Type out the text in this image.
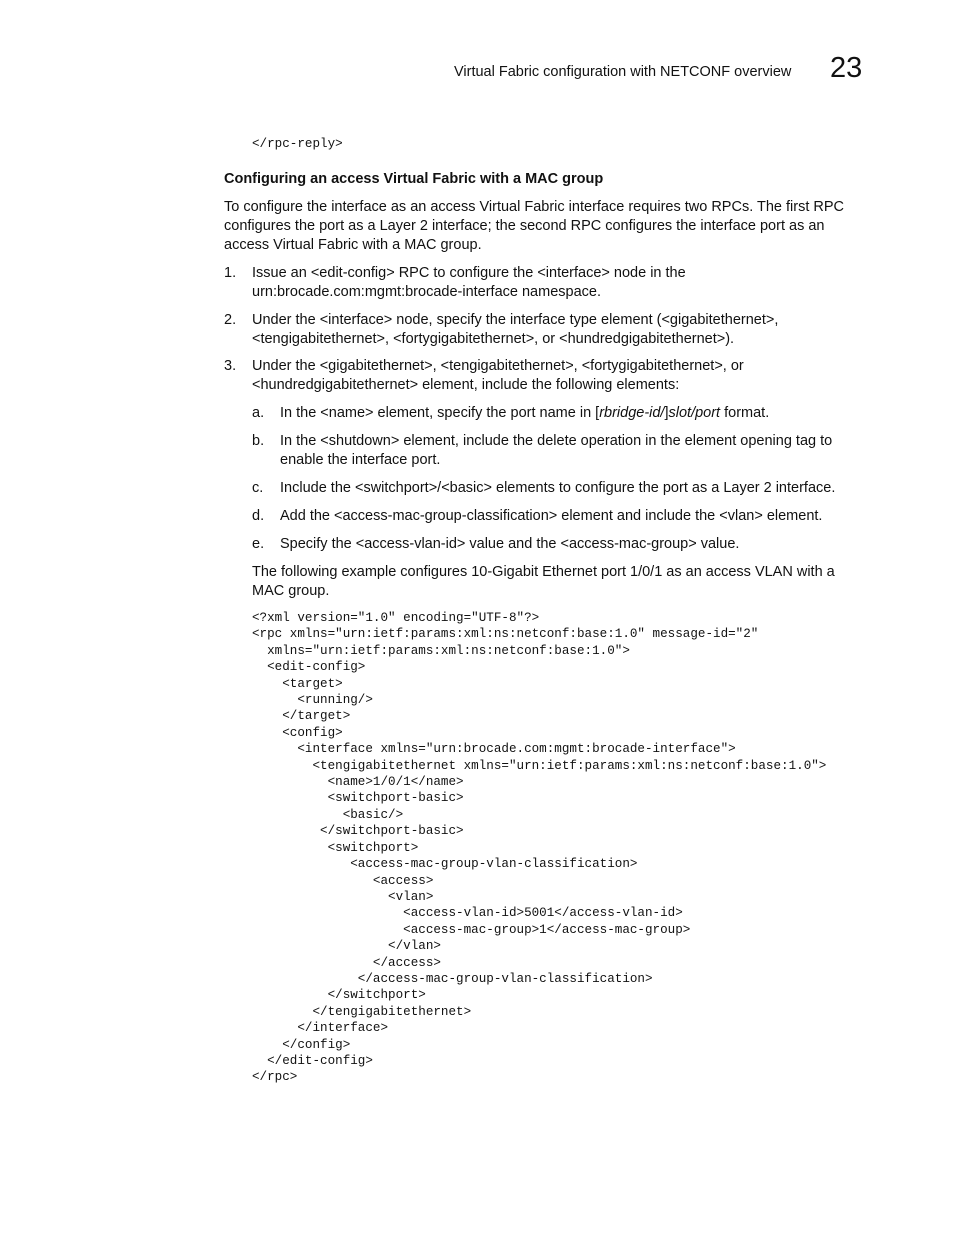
Virtual Fabric configuration with NETCONF overview 23
</rpc-reply>
Configuring an access Virtual Fabric with a MAC group
To configure the interface as an access Virtual Fabric interface requires two RPCs. The first RPC configures the port as a Layer 2 interface; the second RPC configures the interface port as an access Virtual Fabric with a MAC group.
1. Issue an <edit-config> RPC to configure the <interface> node in the urn:brocade.com:mgmt:brocade-interface namespace.
2. Under the <interface> node, specify the interface type element (<gigabitethernet>, <tengigabitethernet>, <fortygigabitethernet>, or <hundredgigabitethernet>).
3. Under the <gigabitethernet>, <tengigabitethernet>, <fortygigabitethernet>, or <hundredgigabitethernet> element, include the following elements:
a. In the <name> element, specify the port name in [rbridge-id/]slot/port format.
b. In the <shutdown> element, include the delete operation in the element opening tag to enable the interface port.
c. Include the <switchport>/<basic> elements to configure the port as a Layer 2 interface.
d. Add the <access-mac-group-classification> element and include the <vlan> element.
e. Specify the <access-vlan-id> value and the <access-mac-group> value.
The following example configures 10-Gigabit Ethernet port 1/0/1 as an access VLAN with a MAC group.
<?xml version="1.0" encoding="UTF-8"?>
<rpc xmlns="urn:ietf:params:xml:ns:netconf:base:1.0" message-id="2"
xmlns="urn:ietf:params:xml:ns:netconf:base:1.0">
<edit-config>
<target>
<running/>
</target>
<config>
<interface xmlns="urn:brocade.com:mgmt:brocade-interface">
<tengigabitethernet xmlns="urn:ietf:params:xml:ns:netconf:base:1.0">
<name>1/0/1</name>
<switchport-basic>
<basic/>
</switchport-basic>
<switchport>
<access-mac-group-vlan-classification>
<access>
<vlan>
<access-vlan-id>5001</access-vlan-id>
<access-mac-group>1</access-mac-group>
</vlan>
</access>
</access-mac-group-vlan-classification>
</switchport>
</tengigabitethernet>
</interface>
</config>
</edit-config>
</rpc>
